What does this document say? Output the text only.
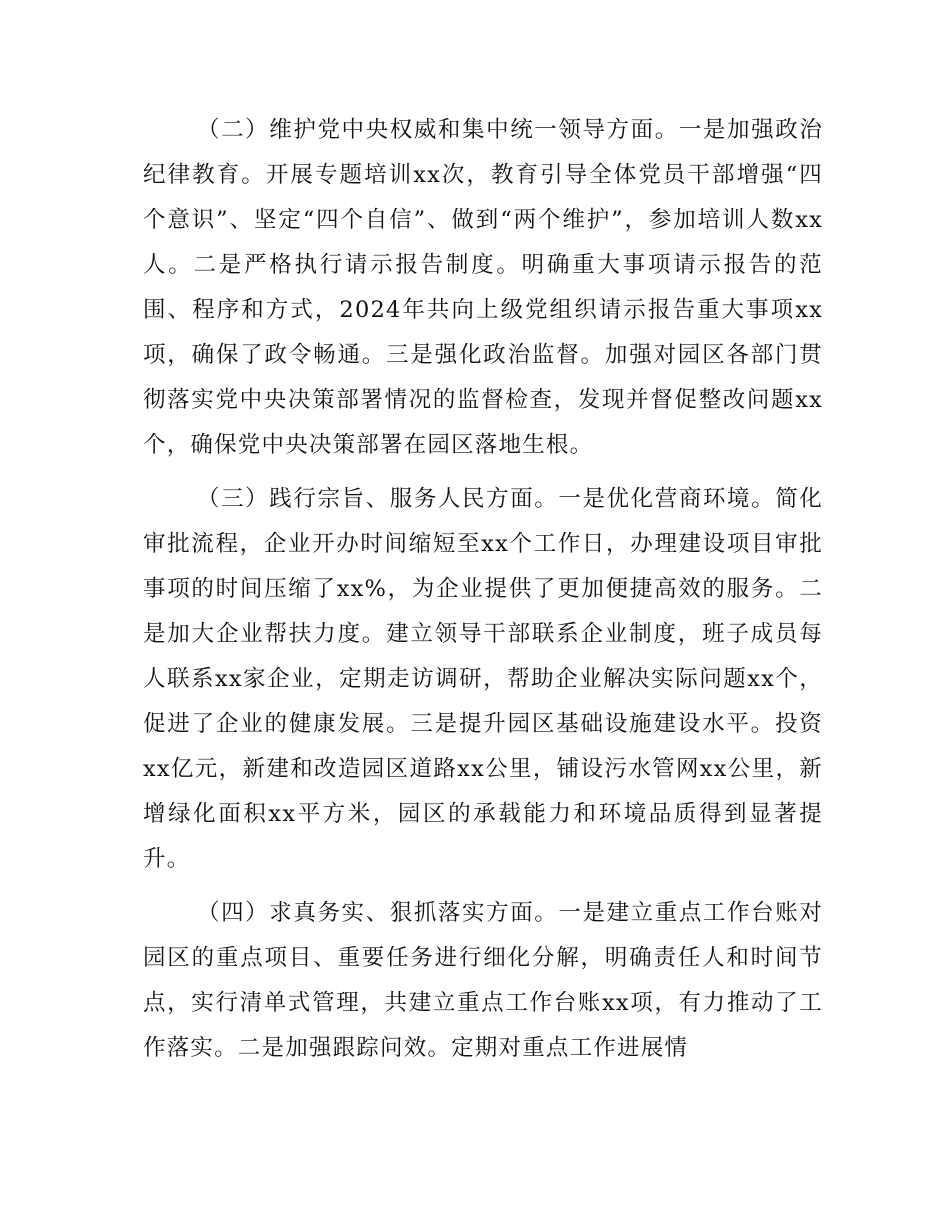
（二）维护党中央权威和集中统一领导方面。一是加强政治纪律教育。开展专题培训xx次，教育引导全体党员干部增强“四个意识”、坚定“四个自信”、做到“两个维护”，参加培训人数xx人。二是严格执行请示报告制度。明确重大事项请示报告的范围、程序和方式，2024年共向上级党组织请示报告重大事项xx项，确保了政令畅通。三是强化政治监督。加强对园区各部门贯彻落实党中央决策部署情况的监督检查，发现并督促整改问题xx个，确保党中央决策部署在园区落地生根。

（三）践行宗旨、服务人民方面。一是优化营商环境。简化审批流程，企业开办时间缩短至xx个工作日，办理建设项目审批事项的时间压缩了xx%，为企业提供了更加便捷高效的服务。二是加大企业帮扶力度。建立领导干部联系企业制度，班子成员每人联系xx家企业，定期走访调研，帮助企业解决实际问题xx个，促进了企业的健康发展。三是提升园区基础设施建设水平。投资xx亿元，新建和改造园区道路xx公里，铺设污水管网xx公里，新增绿化面积xx平方米，园区的承载能力和环境品质得到显著提升。

（四）求真务实、狠抓落实方面。一是建立重点工作台账对园区的重点项目、重要任务进行细化分解，明确责任人和时间节点，实行清单式管理，共建立重点工作台账xx项，有力推动了工作落实。二是加强跟踪问效。定期对重点工作进展情
